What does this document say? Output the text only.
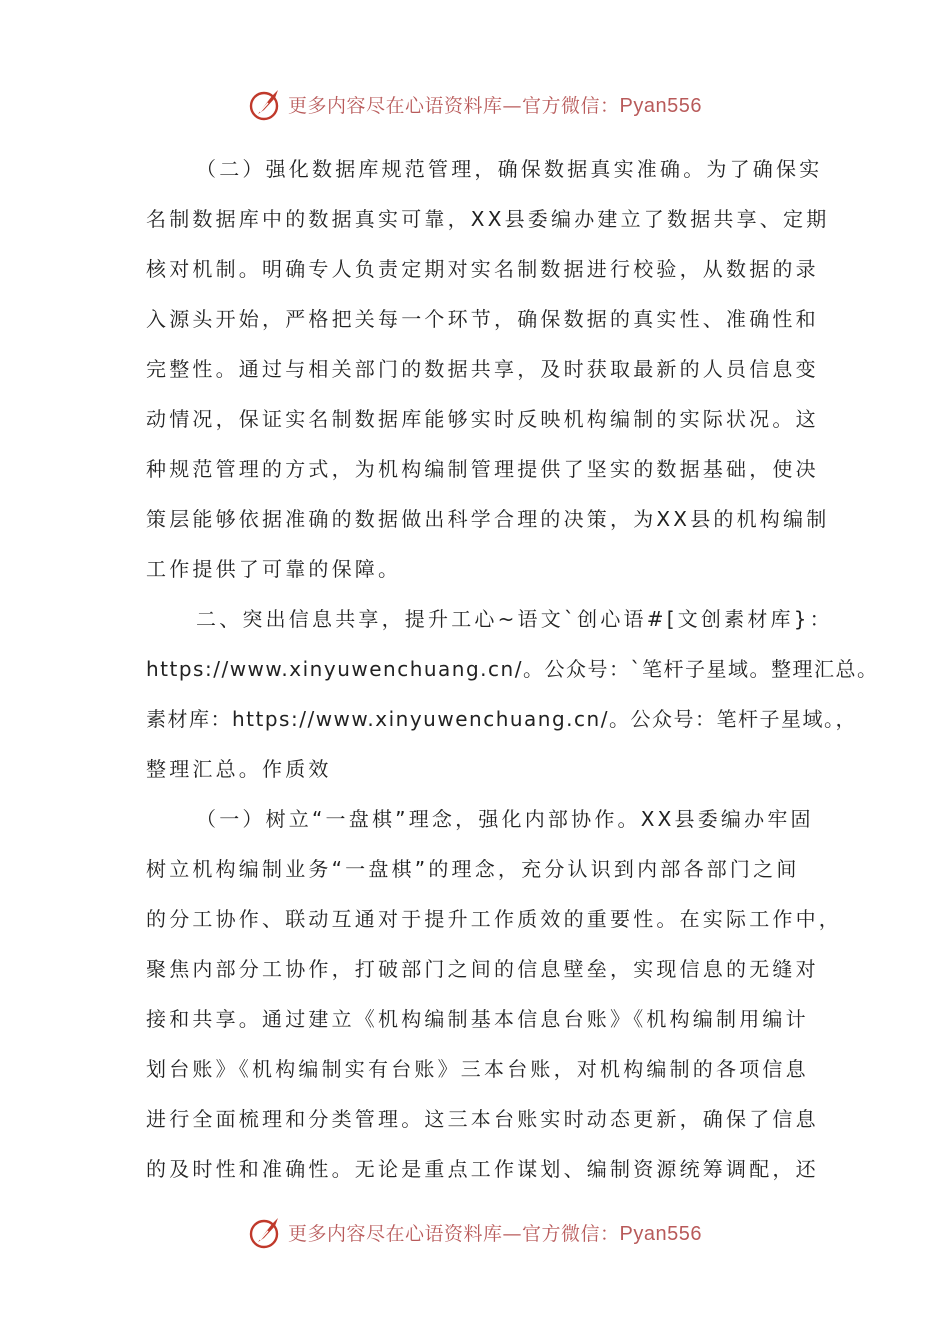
更多内容尽在心语资料库—官方微信：Pyan556
（二）强化数据库规范管理，确保数据真实准确。为了确保实
名制数据库中的数据真实可靠，XX县委编办建立了数据共享、定期
核对机制。明确专人负责定期对实名制数据进行校验，从数据的录
入源头开始，严格把关每一个环节，确保数据的真实性、准确性和
完整性。通过与相关部门的数据共享，及时获取最新的人员信息变
动情况，保证实名制数据库能够实时反映机构编制的实际状况。这
种规范管理的方式，为机构编制管理提供了坚实的数据基础，使决
策层能够依据准确的数据做出科学合理的决策，为XX县的机构编制
工作提供了可靠的保障。
二、突出信息共享，提升工心~语文`创心语#[文创素材库}：
https://www.xinyuwenchuang.cn/。公众号：`笔杆子星域。整理汇总。
素材库：https://www.xinyuwenchuang.cn/。公众号：笔杆子星域。，
整理汇总。作质效
（一）树立“一盘棋”理念，强化内部协作。XX县委编办牢固
树立机构编制业务“一盘棋”的理念，充分认识到内部各部门之间
的分工协作、联动互通对于提升工作质效的重要性。在实际工作中，
聚焦内部分工协作，打破部门之间的信息壁垒，实现信息的无缝对
接和共享。通过建立《机构编制基本信息台账》《机构编制用编计
划台账》《机构编制实有台账》三本台账，对机构编制的各项信息
进行全面梳理和分类管理。这三本台账实时动态更新，确保了信息
的及时性和准确性。无论是重点工作谋划、编制资源统筹调配，还
更多内容尽在心语资料库—官方微信：Pyan556
